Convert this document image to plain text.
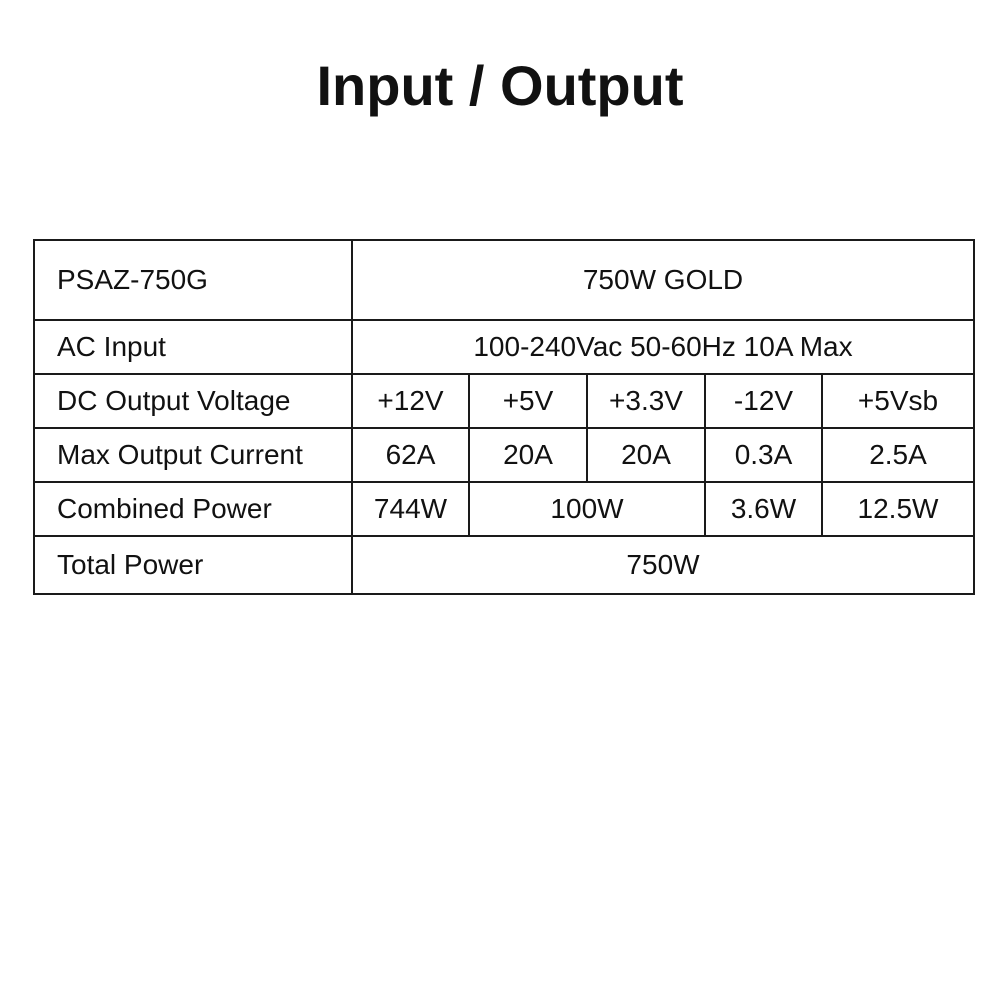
Input / Output
PSAZ-750G	750W GOLD				
AC Input	100-240Vac 50-60Hz 10A Max				
DC Output Voltage	+12V	+5V	+3.3V	-12V	+5Vsb
Max Output Current	62A	20A	20A	0.3A	2.5A
Combined Power	744W	100W		3.6W	12.5W
Total Power	750W				
